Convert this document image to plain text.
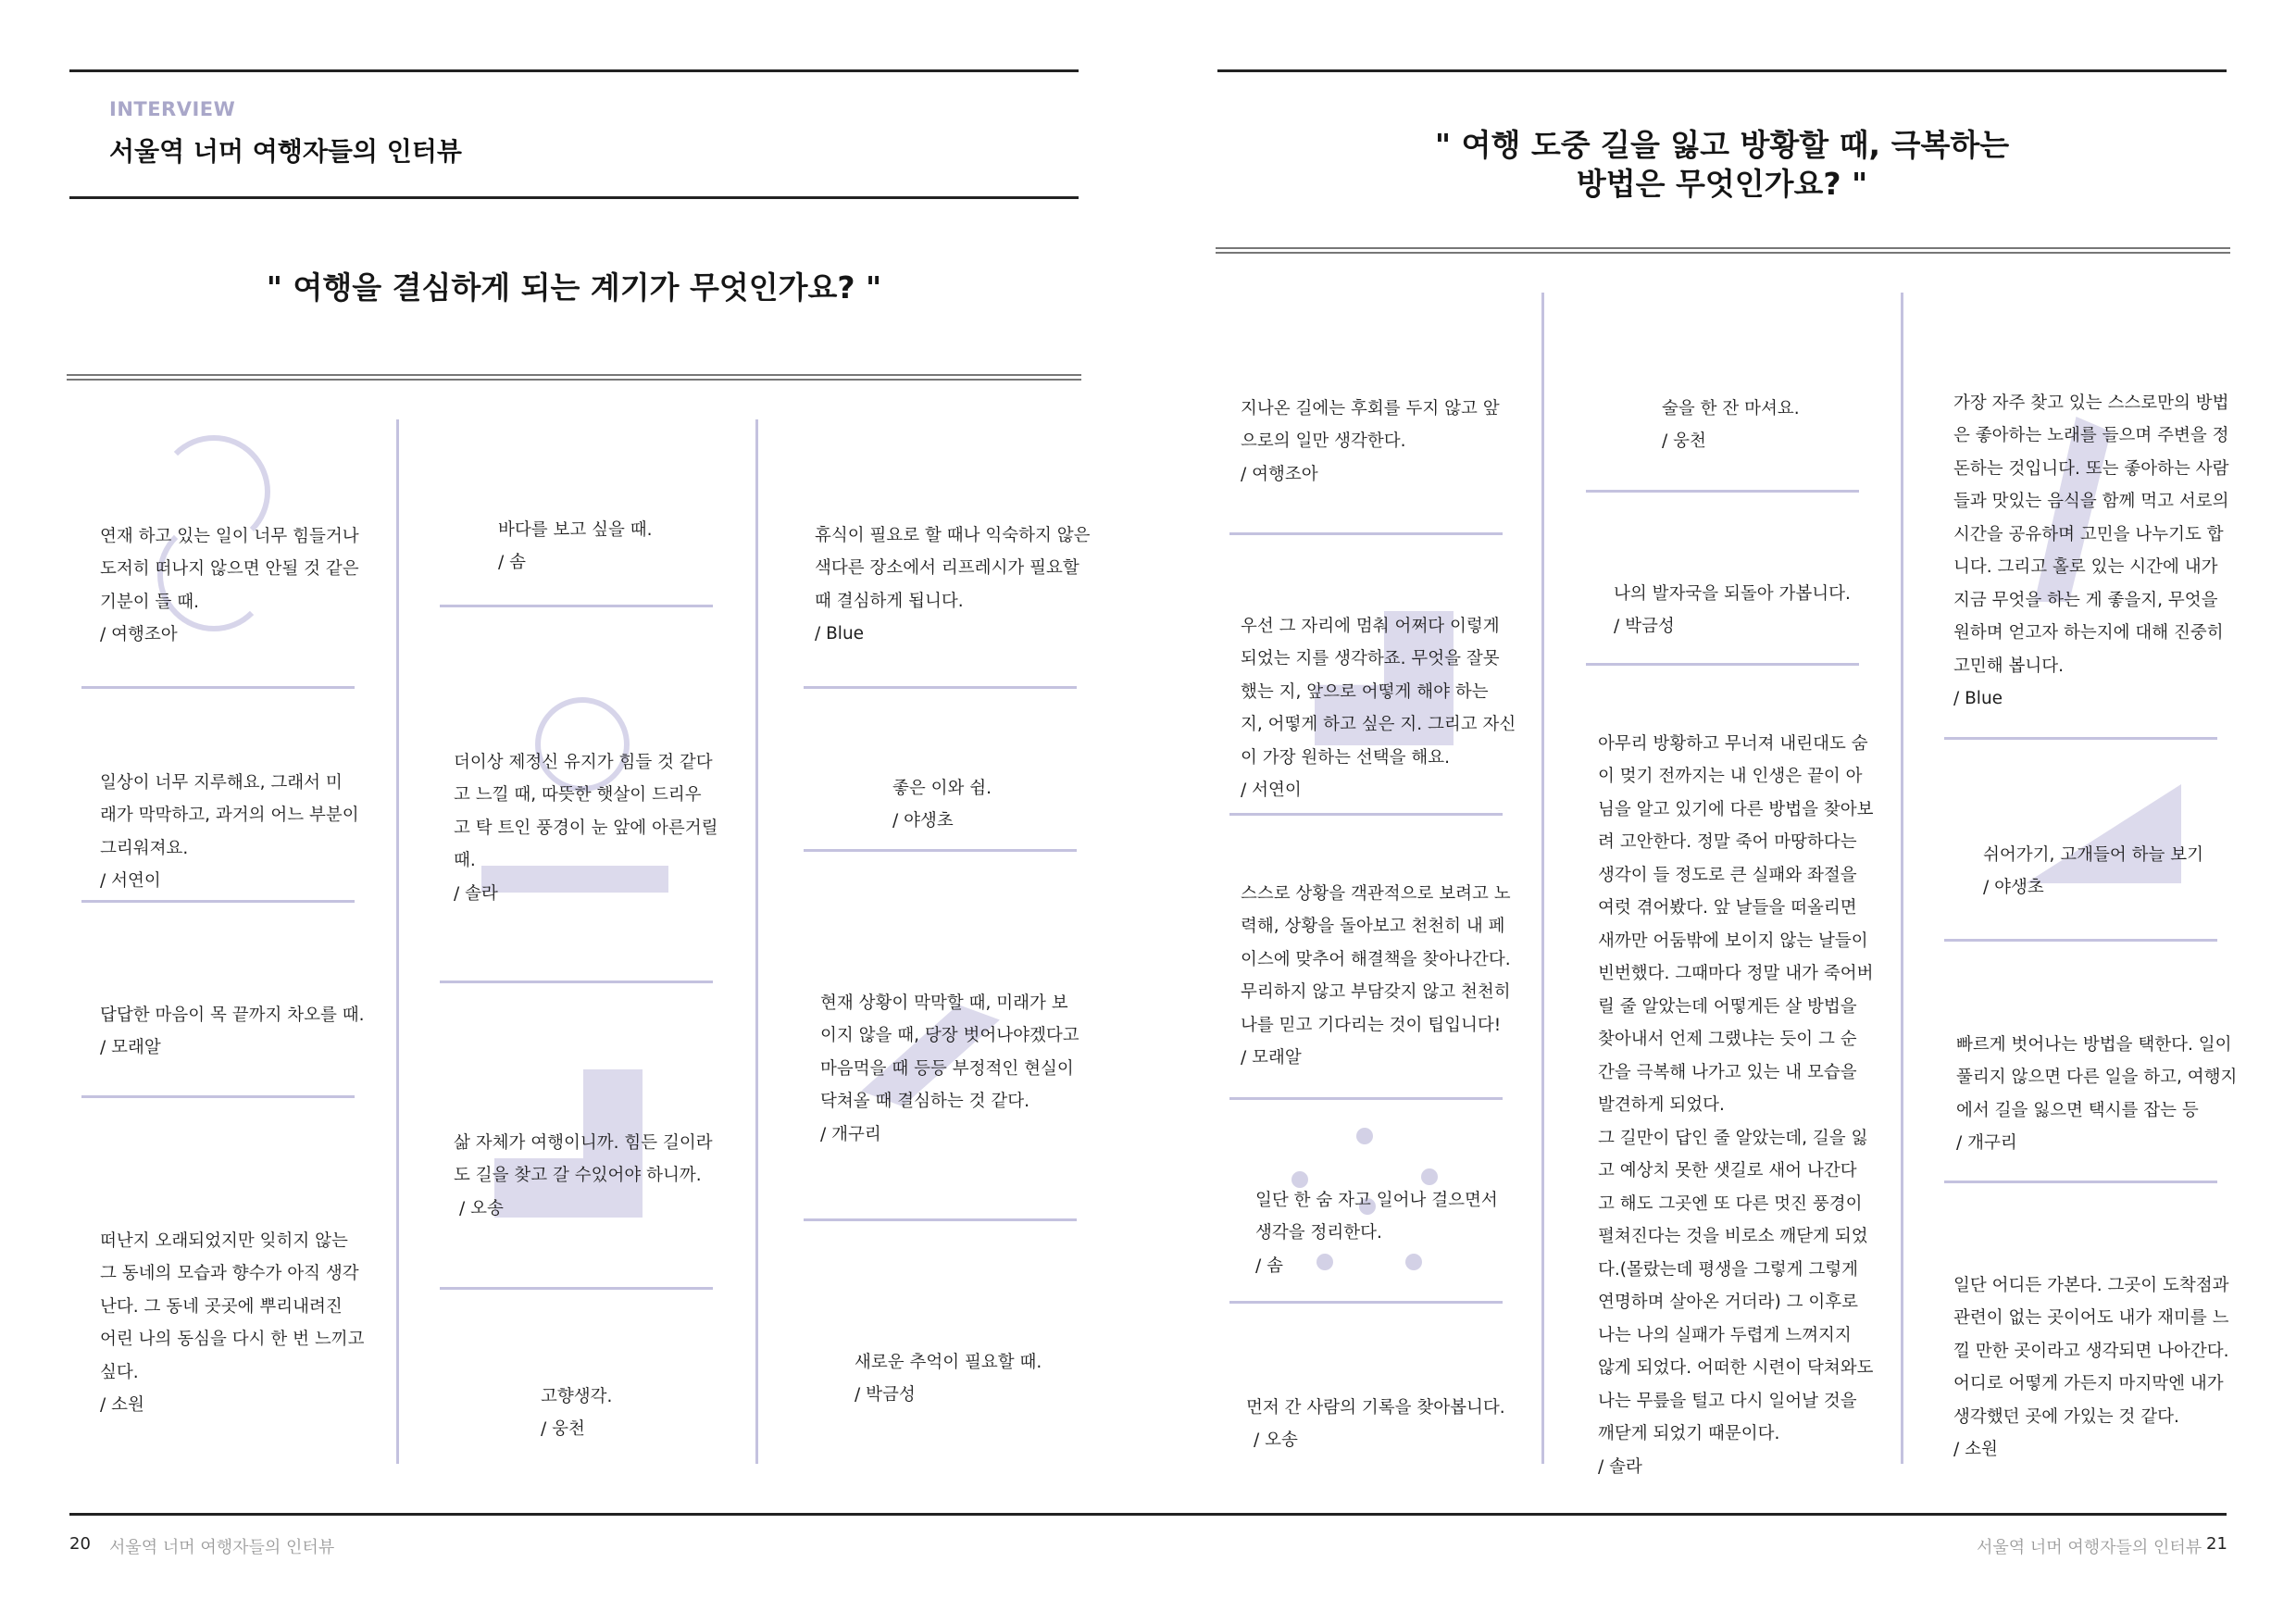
INTERVIEW
서울역 너머 여행자들의 인터뷰
" 여행을 결심하게 되는 계기가 무엇인가요? "

연재 하고 있는 일이 너무 힘들거나
도저히 떠나지 않으면 안될 것 같은
기분이 들 때.

/ 여행조아

일상이 너무 지루해요, 그래서 미
래가 막막하고, 과거의 어느 부분이
그리워져요.

/ 서연이

답답한 마음이 목 끝까지 차오를 때.

/ 모래알

떠난지 오래되었지만 잊히지 않는
그 동네의 모습과 향수가 아직 생각
난다. 그 동네 곳곳에 뿌리내려진
어린 나의 동심을 다시 한 번 느끼고
싶다.

/ 소원

바다를 보고 싶을 때.

/ 솜

더이상 제정신 유지가 힘들 것 같다
고 느낄 때, 따뜻한 햇살이 드리우
고 탁 트인 풍경이 눈 앞에 아른거릴
때.

/ 솔라

삶 자체가 여행이니까. 힘든 길이라
도 길을 찾고 갈 수있어야 하니까.

/ 오송

고향생각.

/ 웅천

휴식이 필요로 할 때나 익숙하지 않은
색다른 장소에서 리프레시가 필요할
때 결심하게 됩니다.

/ Blue

좋은 이와 쉼.

/ 야생초

현재 상황이 막막할 때, 미래가 보
이지 않을 때, 당장 벗어나야겠다고
마음먹을 때 등등 부정적인 현실이
닥쳐올 때 결심하는 것 같다.

/ 개구리

새로운 추억이 필요할 때.

/ 박금성

20 서울역 너머 여행자들의 인터뷰
" 여행 도중 길을 잃고 방황할 때, 극복하는
방법은 무엇인가요? "

지나온 길에는 후회를 두지 않고 앞
으로의 일만 생각한다.

/ 여행조아

우선 그 자리에 멈춰 어쩌다 이렇게
되었는 지를 생각하죠. 무엇을 잘못
했는 지, 앞으로 어떻게 해야 하는
지, 어떻게 하고 싶은 지. 그리고 자신
이 가장 원하는 선택을 해요.

/ 서연이

스스로 상황을 객관적으로 보려고 노
력해, 상황을 돌아보고 천천히 내 페
이스에 맞추어 해결책을 찾아나간다.
무리하지 않고 부담갖지 않고 천천히
나를 믿고 기다리는 것이 팁입니다!

/ 모래알

일단 한 숨 자고 일어나 걸으면서
생각을 정리한다.

/ 솜

먼저 간 사람의 기록을 찾아봅니다.

/ 오송

술을 한 잔 마셔요.

/ 웅천

나의 발자국을 되돌아 가봅니다.

/ 박금성

아무리 방황하고 무너져 내린대도 숨
이 멎기 전까지는 내 인생은 끝이 아
님을 알고 있기에 다른 방법을 찾아보
려 고안한다. 정말 죽어 마땅하다는
생각이 들 정도로 큰 실패와 좌절을
여럿 겪어봤다. 앞 날들을 떠올리면
새까만 어둠밖에 보이지 않는 날들이
빈번했다. 그때마다 정말 내가 죽어버
릴 줄 알았는데 어떻게든 살 방법을
찾아내서 언제 그랬냐는 듯이 그 순
간을 극복해 나가고 있는 내 모습을
발견하게 되었다.
그 길만이 답인 줄 알았는데, 길을 잃
고 예상치 못한 샛길로 새어 나간다
고 해도 그곳엔 또 다른 멋진 풍경이
펼쳐진다는 것을 비로소 깨닫게 되었
다.(몰랐는데 평생을 그렇게 그렇게
연명하며 살아온 거더라) 그 이후로
나는 나의 실패가 두렵게 느껴지지
않게 되었다. 어떠한 시련이 닥쳐와도
나는 무릎을 털고 다시 일어날 것을
깨닫게 되었기 때문이다.

/ 솔라

가장 자주 찾고 있는 스스로만의 방법
은 좋아하는 노래를 들으며 주변을 정
돈하는 것입니다. 또는 좋아하는 사람
들과 맛있는 음식을 함께 먹고 서로의
시간을 공유하며 고민을 나누기도 합
니다. 그리고 홀로 있는 시간에 내가
지금 무엇을 하는 게 좋을지, 무엇을
원하며 얻고자 하는지에 대해 진중히
고민해 봅니다.

/ Blue

쉬어가기, 고개들어 하늘 보기

/ 야생초

빠르게 벗어나는 방법을 택한다. 일이
풀리지 않으면 다른 일을 하고, 여행지
에서 길을 잃으면 택시를 잡는 등

/ 개구리

일단 어디든 가본다. 그곳이 도착점과
관련이 없는 곳이어도 내가 재미를 느
낄 만한 곳이라고 생각되면 나아간다.
어디로 어떻게 가든지 마지막엔 내가
생각했던 곳에 가있는 것 같다.

/ 소원

서울역 너머 여행자들의 인터뷰 21
